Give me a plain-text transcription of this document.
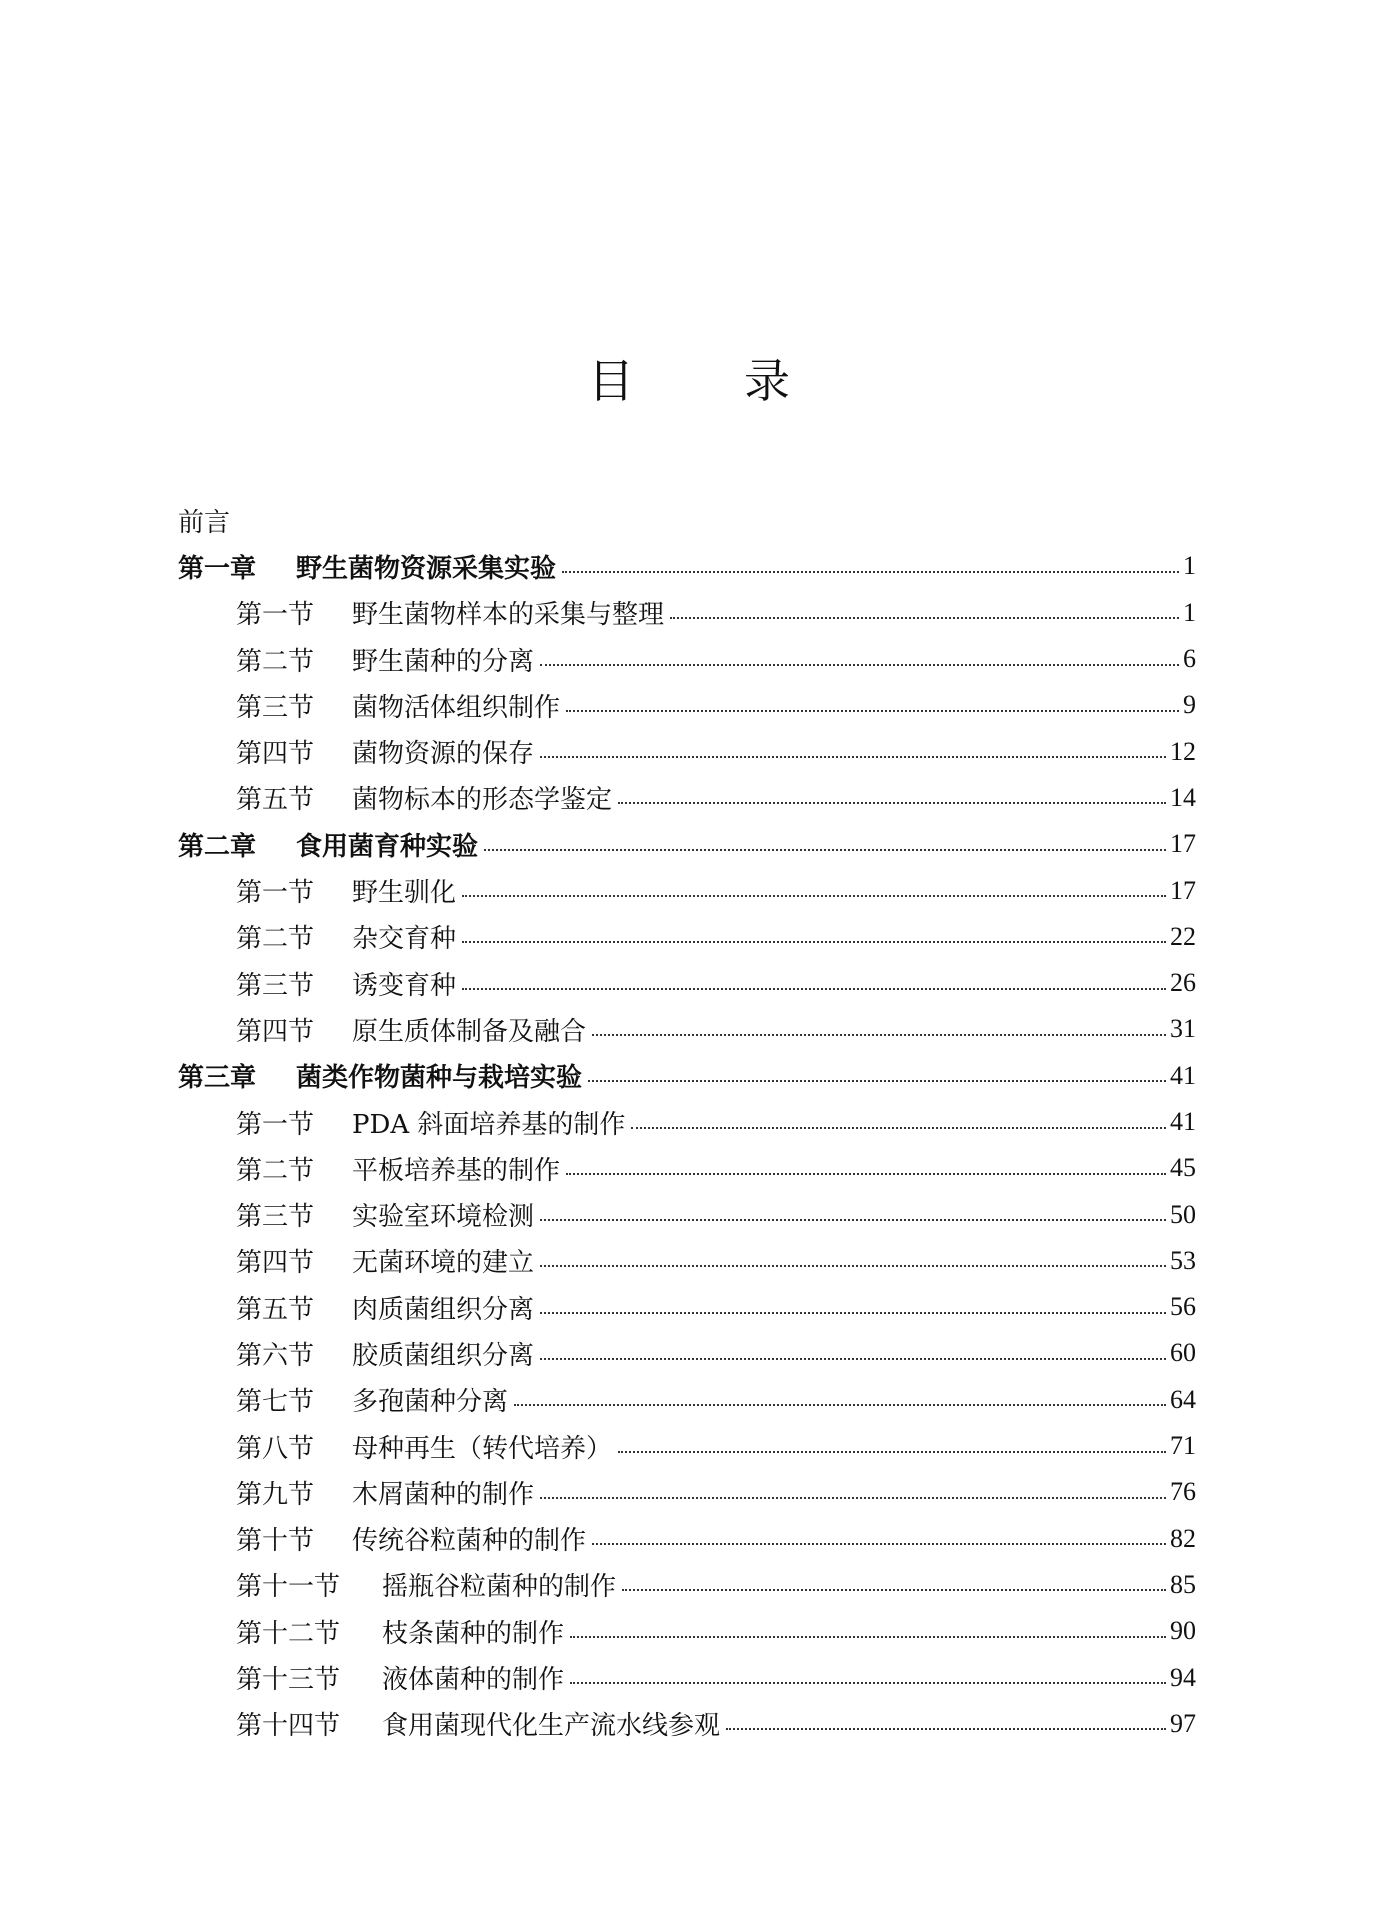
目 录
前言
第一章	野生菌物资源采集实验	1
第一节	野生菌物样本的采集与整理	1
第二节	野生菌种的分离	6
第三节	菌物活体组织制作	9
第四节	菌物资源的保存	12
第五节	菌物标本的形态学鉴定	14
第二章	食用菌育种实验	17
第一节	野生驯化	17
第二节	杂交育种	22
第三节	诱变育种	26
第四节	原生质体制备及融合	31
第三章	菌类作物菌种与栽培实验	41
第一节	PDA 斜面培养基的制作	41
第二节	平板培养基的制作	45
第三节	实验室环境检测	50
第四节	无菌环境的建立	53
第五节	肉质菌组织分离	56
第六节	胶质菌组织分离	60
第七节	多孢菌种分离	64
第八节	母种再生（转代培养）	71
第九节	木屑菌种的制作	76
第十节	传统谷粒菌种的制作	82
第十一节	摇瓶谷粒菌种的制作	85
第十二节	枝条菌种的制作	90
第十三节	液体菌种的制作	94
第十四节	食用菌现代化生产流水线参观	97
